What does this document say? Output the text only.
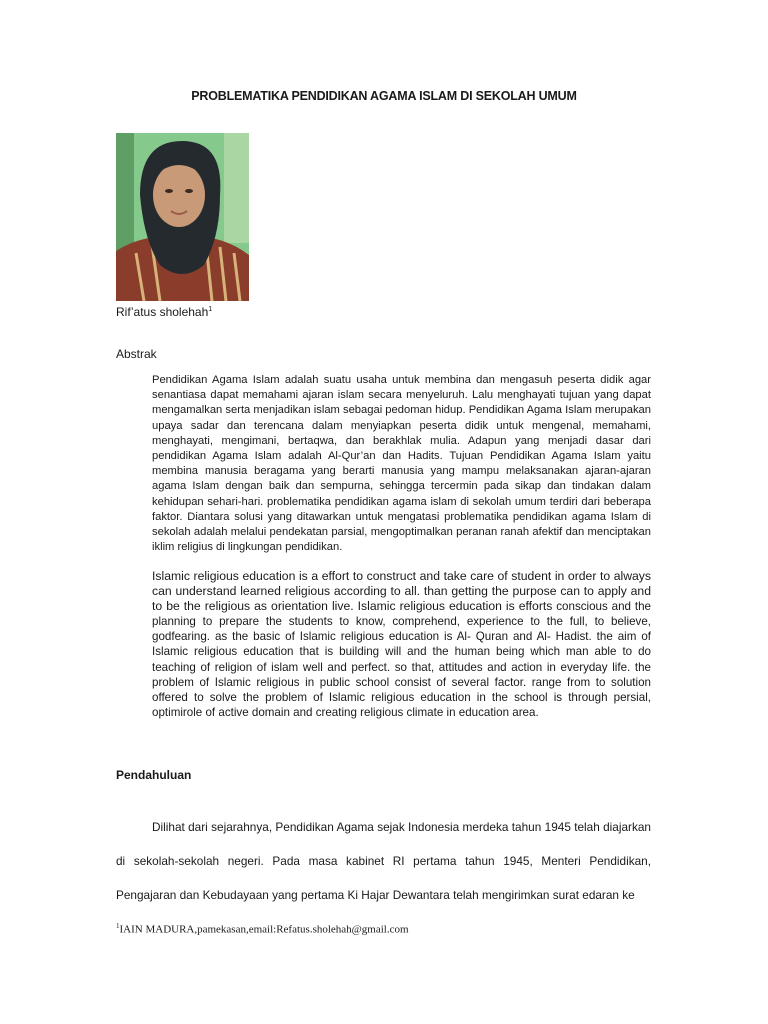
PROBLEMATIKA PENDIDIKAN AGAMA ISLAM DI SEKOLAH UMUM
Rif’atus sholehah$^1$
Abstrak
Pendidikan Agama Islam adalah suatu usaha untuk membina dan mengasuh peserta didik agar senantiasa dapat memahami ajaran islam secara menyeluruh. Lalu menghayati tujuan yang dapat mengamalkan serta menjadikan islam sebagai pedoman hidup. Pendidikan Agama Islam merupakan upaya sadar dan terencana dalam menyiapkan peserta didik untuk mengenal, memahami, menghayati, mengimani, bertaqwa, dan berakhlak mulia. Adapun yang menjadi dasar dari pendidikan Agama Islam adalah Al-Qur’an dan Hadits. Tujuan Pendidikan Agama Islam yaitu membina manusia beragama yang berarti manusia yang mampu melaksanakan ajaran-ajaran agama Islam dengan baik dan sempurna, sehingga tercermin pada sikap dan tindakan dalam kehidupan sehari-hari. problematika pendidikan agama islam di sekolah umum terdiri dari beberapa faktor. Diantara solusi yang ditawarkan untuk mengatasi problematika pendidikan agama Islam di sekolah adalah melalui pendekatan parsial, mengoptimalkan peranan ranah afektif dan menciptakan iklim religius di lingkungan pendidikan.
Islamic religious education is a effort to construct and take care of student in order to always can understand learned religious according to all. than getting the purpose can to apply and to be the religious as orientation live. Islamic religious education is efforts conscious and the planning to prepare the students to know, comprehend, experience to the full, to believe, godfearing. as the basic of Islamic religious education is Al- Quran and Al- Hadist. the aim of Islamic religious education that is building will and the human being which man able to do teaching of religion of islam well and perfect. so that, attitudes and action in everyday life. the problem of Islamic religious in public school consist of several factor. range from to solution offered to solve the problem of Islamic religious education in the school is through persial, optimirole of active domain and creating religious climate in education area.
Pendahuluan
Dilihat dari sejarahnya, Pendidikan Agama sejak Indonesia merdeka tahun 1945 telah diajarkan di sekolah-sekolah negeri. Pada masa kabinet RI pertama tahun 1945, Menteri Pendidikan, Pengajaran dan Kebudayaan yang pertama Ki Hajar Dewantara telah mengirimkan surat edaran ke
$^1$IAIN MADURA,pamekasan,email:Refatus.sholehah@gmail.com
